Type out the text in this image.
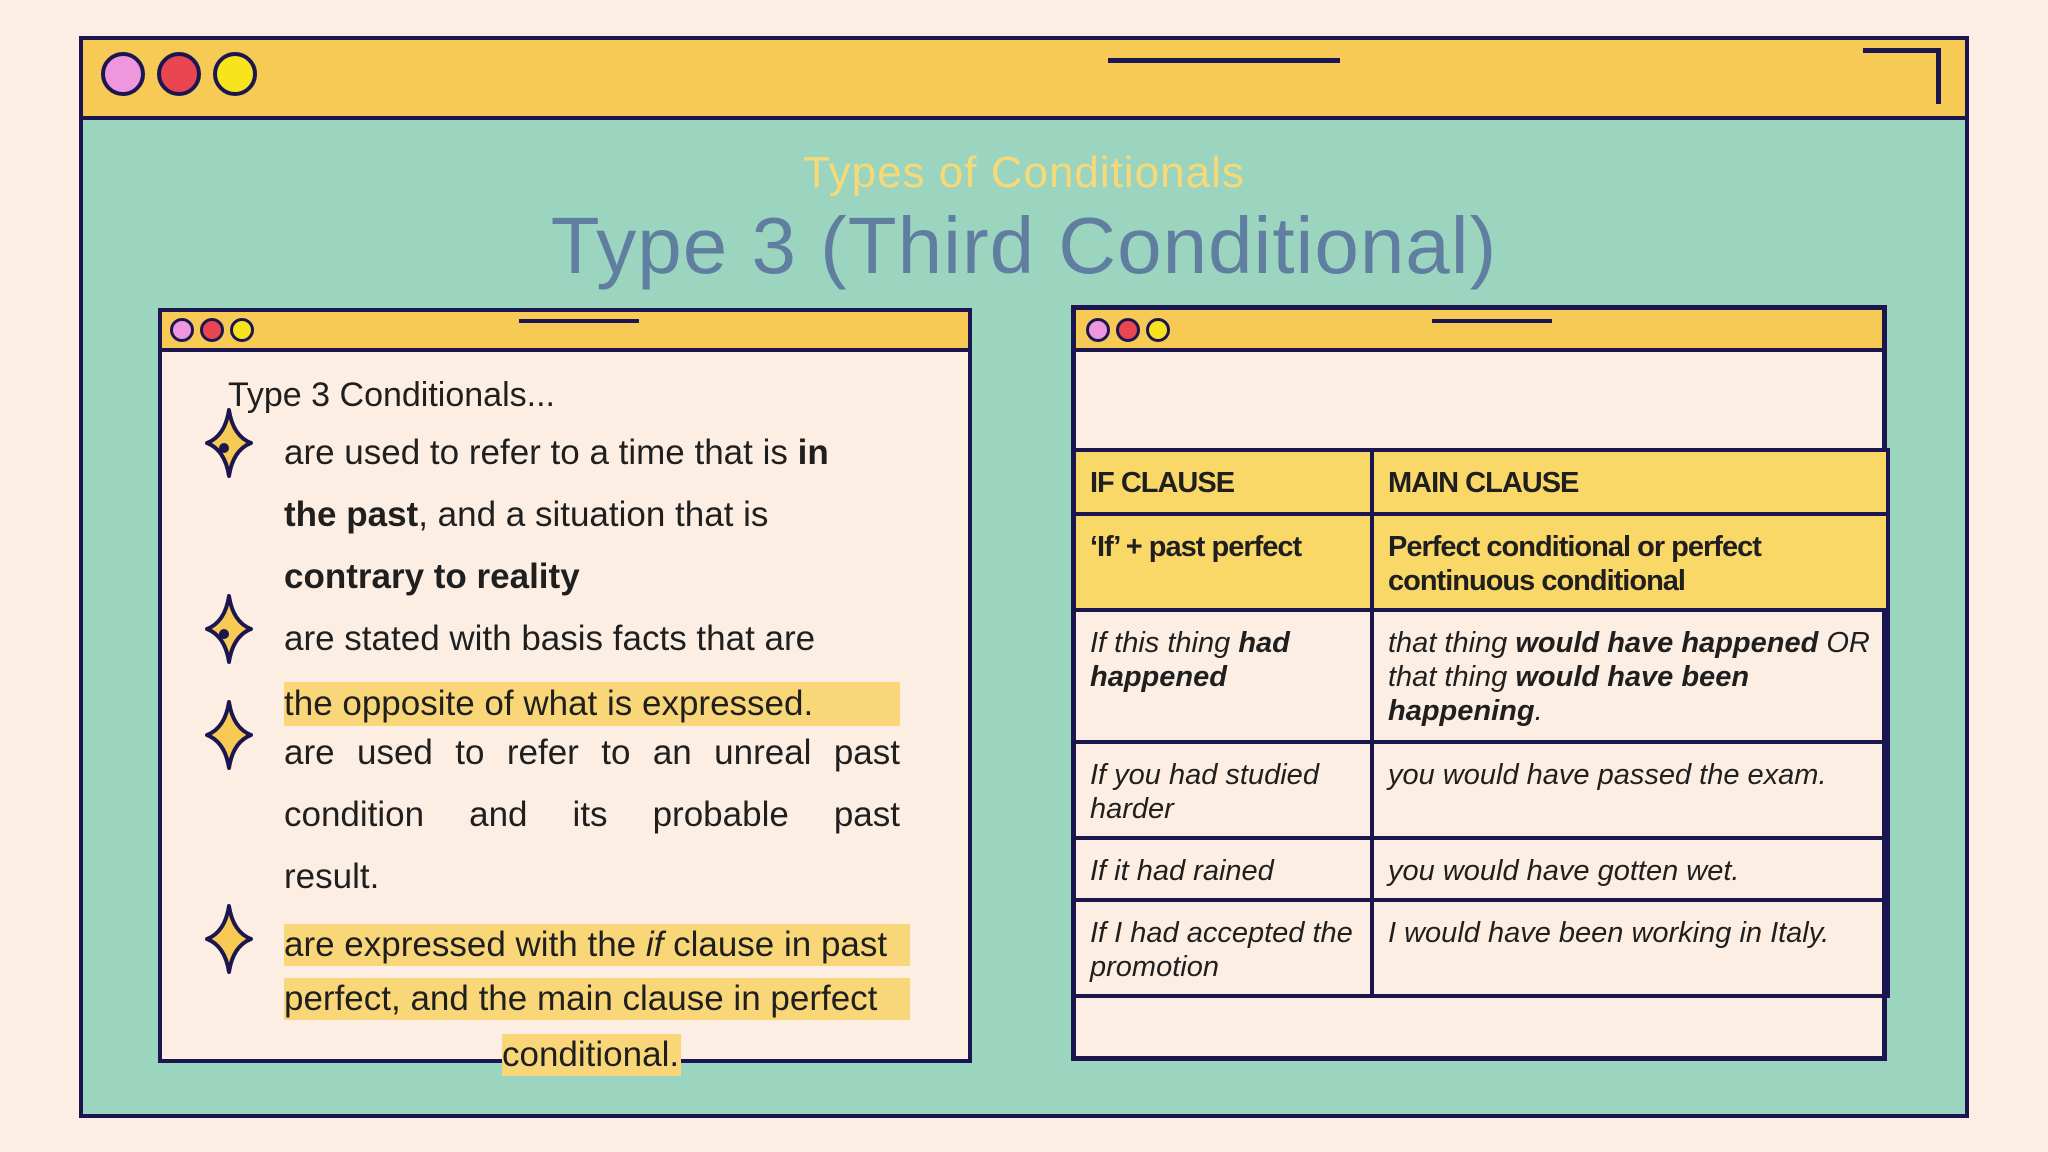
Types of Conditionals
Type 3 (Third Conditional)
Type 3 Conditionals...
are used to refer to a time that is in
the past, and a situation that is
contrary to reality
are stated with basis facts that are
the opposite of what is expressed.
are used to refer to an unreal past
condition and its probable past
result.
are expressed with the if clause in past
perfect, and the main clause in perfect
conditional.
IF CLAUSE	MAIN CLAUSE
‘If’ + past perfect	Perfect conditional or perfect continuous conditional
If this thing had happened	that thing would have happened OR that thing would have been happening.
If you had studied harder	you would have passed the exam.
If it had rained	you would have gotten wet.
If I had accepted the promotion	I would have been working in Italy.
